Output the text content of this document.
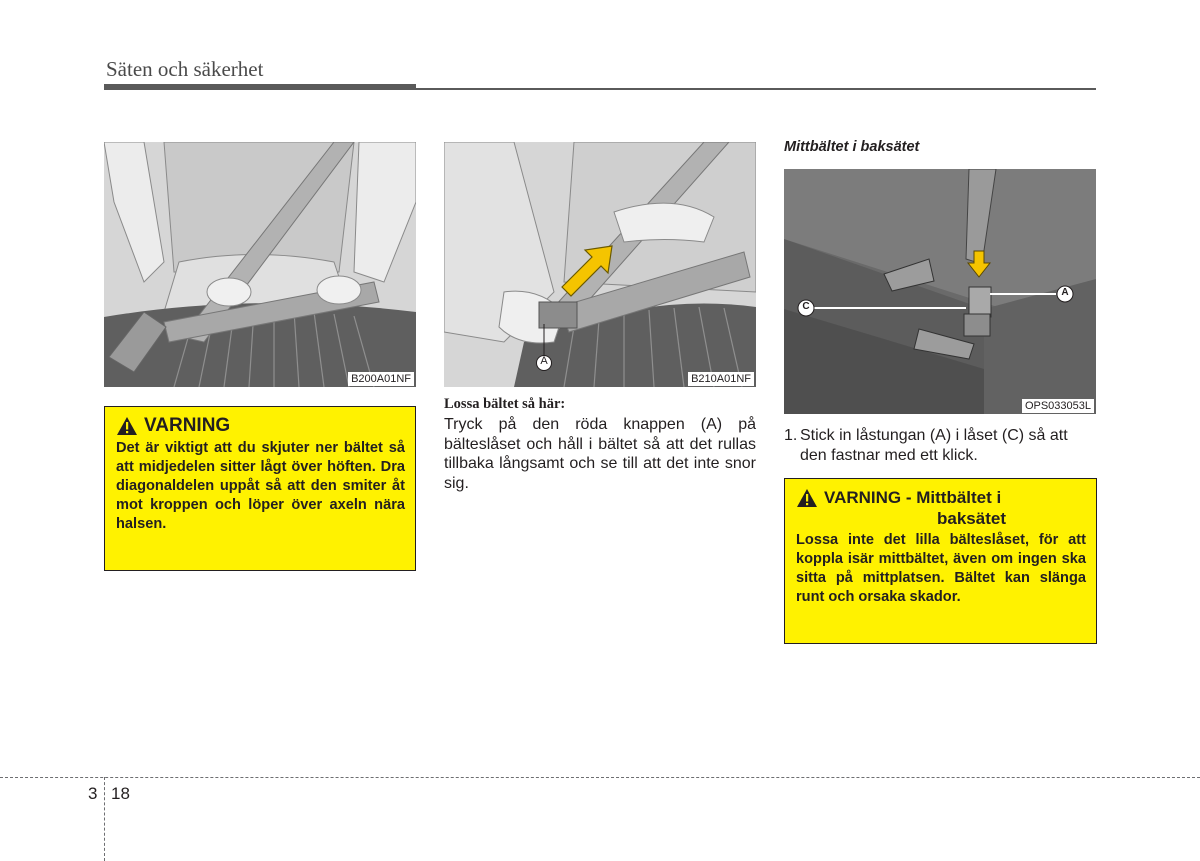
Säten och säkerhet
B200A01NF
VARNING
Det är viktigt att du skjuter ner bältet så att midjedelen sitter lågt över höften. Dra diagonaldelen uppåt så att den smiter åt mot kroppen och löper över axeln nära halsen.
A
B210A01NF
Lossa bältet så här:
Tryck på den röda knappen (A) på bälteslåset och håll i bältet så att det rullas tillbaka långsamt och se till att det inte snor sig.
Mittbältet i baksätet
A
C
OPS033053L
1. Stick in låstungan (A) i låset (C) så att den fastnar med ett klick.
VARNING - Mittbältet i
baksätet
Lossa inte det lilla bälteslåset, för att koppla isär mittbältet, även om ingen ska sitta på mittplatsen. Bältet kan slänga runt och orsaka skador.
3 18
